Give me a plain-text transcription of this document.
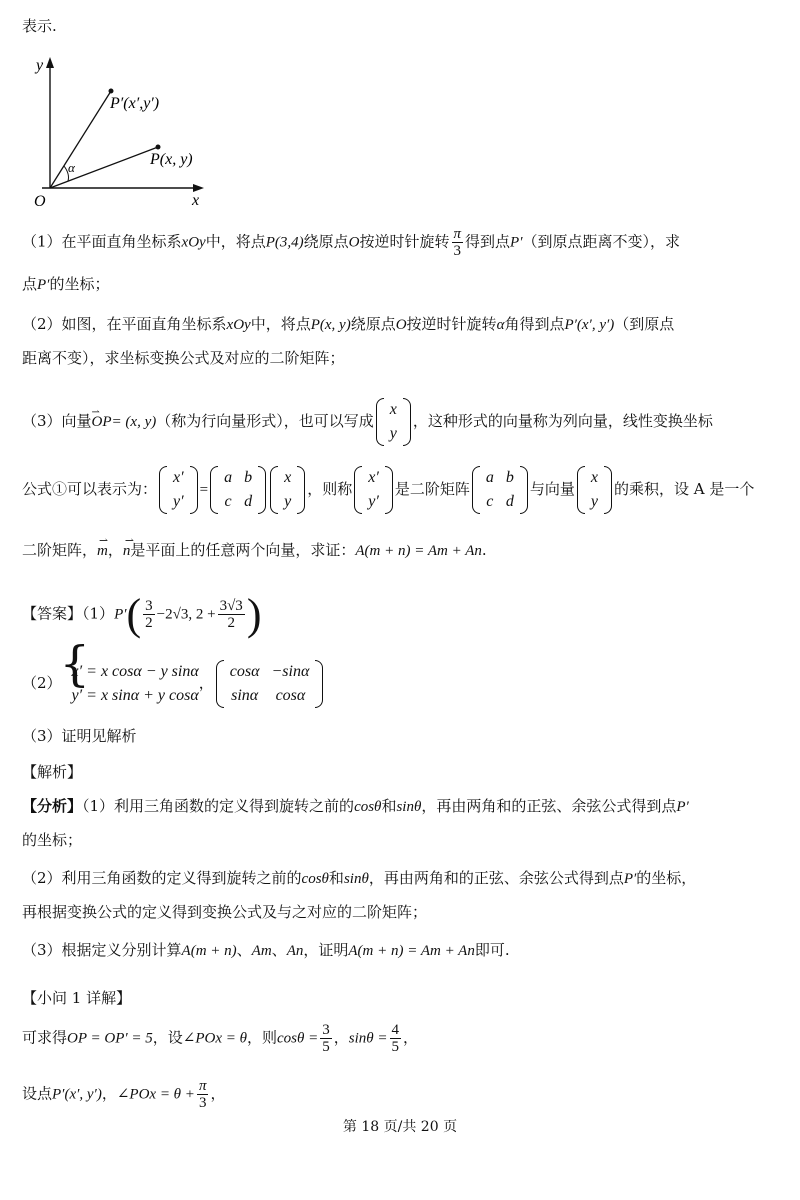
表示.
y
x
O
α
P′(x′,y′)
P(x, y)
（1）在平面直角坐标系xOy中，将点P(3,4)绕原点O按逆时针旋转 $\frac{\pi}{3}$ 得到点P′（到原点距离不变），求
点P′的坐标；
（2）如图，在平面直角坐标系xOy中，将点P(x, y)绕原点O按逆时针旋转α角得到点P′(x′, y′)（到原点
距离不变），求坐标变换公式及对应的二阶矩阵；
（3）向量⇀ OP= (x, y)（称为行向量形式），也可以写成
x
y
，这种形式的向量称为列向量，线性变换坐标
公式①可以表示为：
x′
y′
=
a	b
c	d
x
y
，则称
x′
y′
是二阶矩阵
a	b
c	d
与向量
x
y
的乘积，设 A 是一个
二阶矩阵，⇀ m，⇀ n是平面上的任意两个向量，求证：A(m + n) = Am + An.
【答案】$(1)P'( \frac{3}{2} -2√3$, $2 + \frac{3√3}{2}$ )
（2）
{ x′ = x cosα − y sinα
y′ = x sinα + y cosα
，
cosα	−sinα
sinα	cosα
（3）证明见解析
【解析】
【分析】（1）利用三角函数的定义得到旋转之前的cosθ和sinθ，再由两角和的正弦、余弦公式得到点P′
的坐标；
（2）利用三角函数的定义得到旋转之前的cosθ和sinθ，再由两角和的正弦、余弦公式得到点P′的坐标，
再根据变换公式的定义得到变换公式及与之对应的二阶矩阵；
（3）根据定义分别计算A(m + n)、Am、An，证明A(m + n) = Am + An即可.
【小问 1 详解】
可求得OP = OP′ = 5，设∠POx = θ，则$\cos\theta = \frac{3}{5}$ ，$\sin\theta = \frac{4}{5}$ ，
设点P′(x′, y′)，∠POx = $\theta + \frac{\pi}{3}$ ，
第 18 页/共 20 页
